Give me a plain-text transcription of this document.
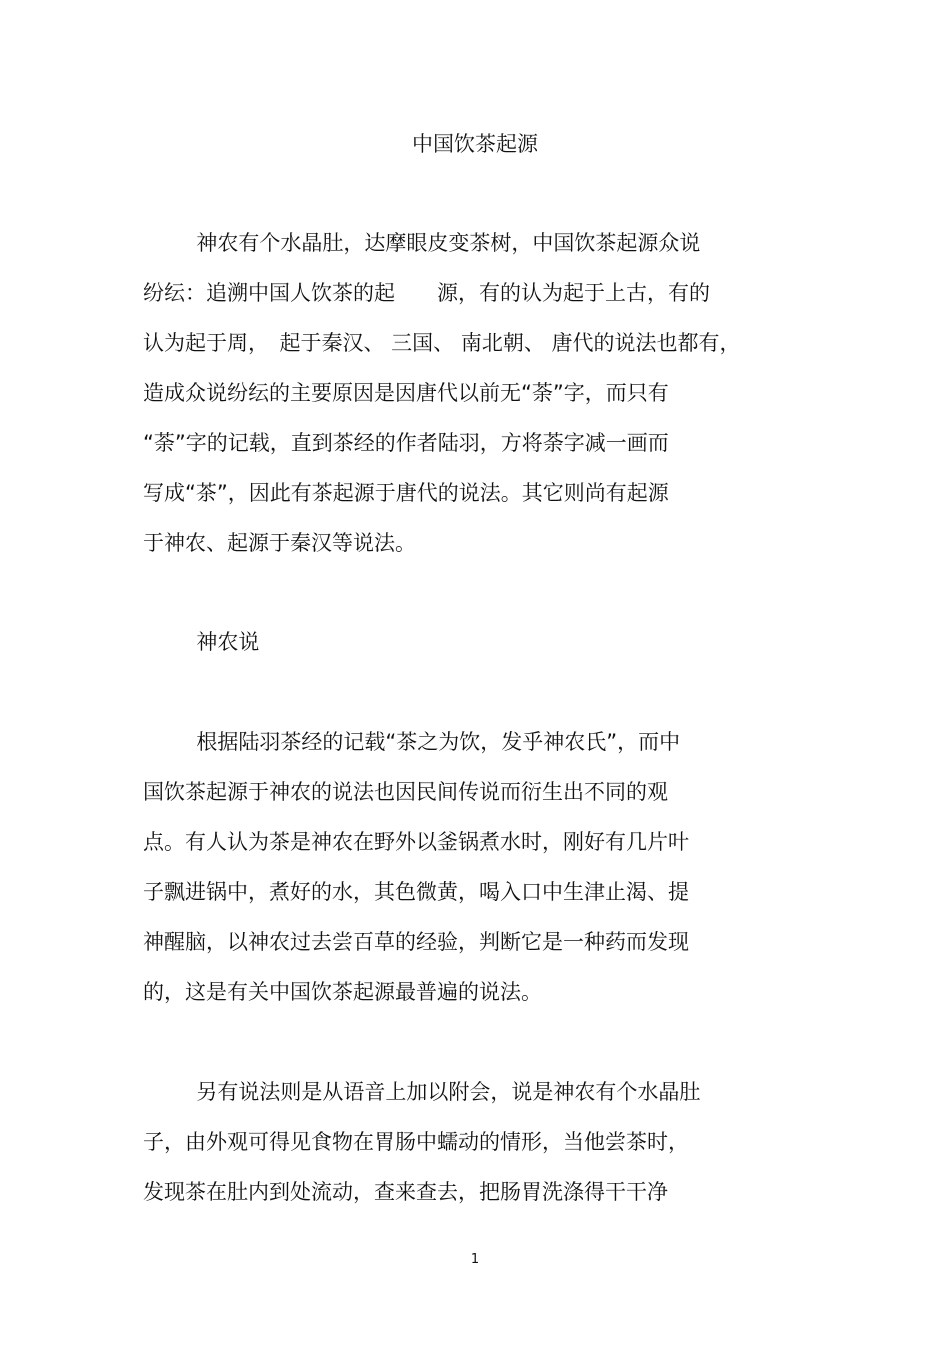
中国饮茶起源
神农有个水晶肚，达摩眼皮变茶树，中国饮茶起源众说
纷纭：追溯中国人饮茶的起　　源，有的认为起于上古，有的
认为起于周，　起于秦汉、 三国、 南北朝、 唐代的说法也都有，
造成众说纷纭的主要原因是因唐代以前无“荼”字，而只有
“荼”字的记载，直到茶经的作者陆羽，方将荼字减一画而
写成“茶”，因此有茶起源于唐代的说法。其它则尚有起源
于神农、起源于秦汉等说法。
神农说
根据陆羽茶经的记载“茶之为饮，发乎神农氏”，而中
国饮茶起源于神农的说法也因民间传说而衍生出不同的观
点。有人认为茶是神农在野外以釜锅煮水时，刚好有几片叶
子飘进锅中，煮好的水，其色微黄，喝入口中生津止渴、提
神醒脑，以神农过去尝百草的经验，判断它是一种药而发现
的，这是有关中国饮茶起源最普遍的说法。
另有说法则是从语音上加以附会，说是神农有个水晶肚
子，由外观可得见食物在胃肠中蠕动的情形，当他尝茶时，
发现茶在肚内到处流动，查来查去，把肠胃洗涤得干干净
1
